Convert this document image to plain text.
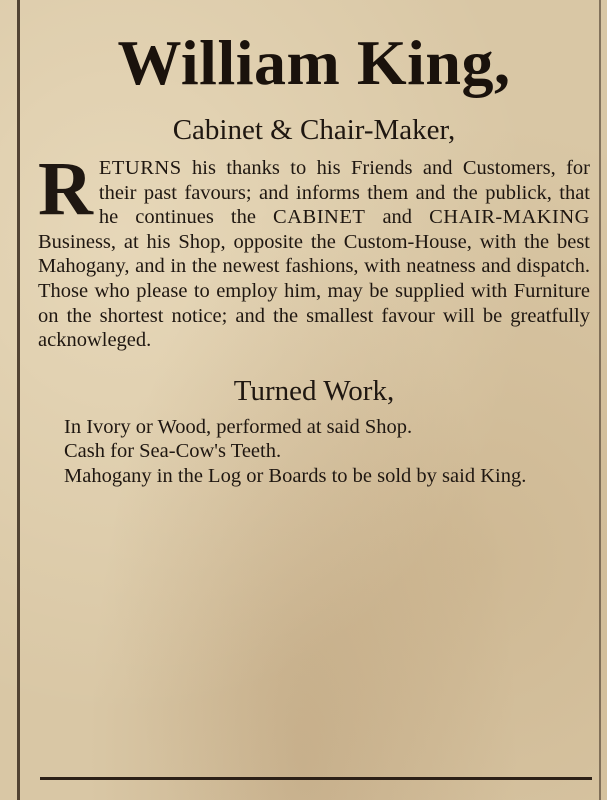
William King,
Cabinet & Chair-Maker,

RETURNS his thanks to his Friends and Customers, for their past favours; and informs them and the publick, that he continues the CABINET and CHAIR-MAKING Business, at his Shop, opposite the Custom-House, with the best Mahogany, and in the newest fashions, with neatness and dispatch. Those who please to employ him, may be supplied with Furniture on the shortest notice; and the smallest favour will be greatfully acknowleged.

Turned Work,

In Ivory or Wood, performed at said Shop.

Cash for Sea-Cow's Teeth.

Mahogany in the Log or Boards to be sold by said King.
